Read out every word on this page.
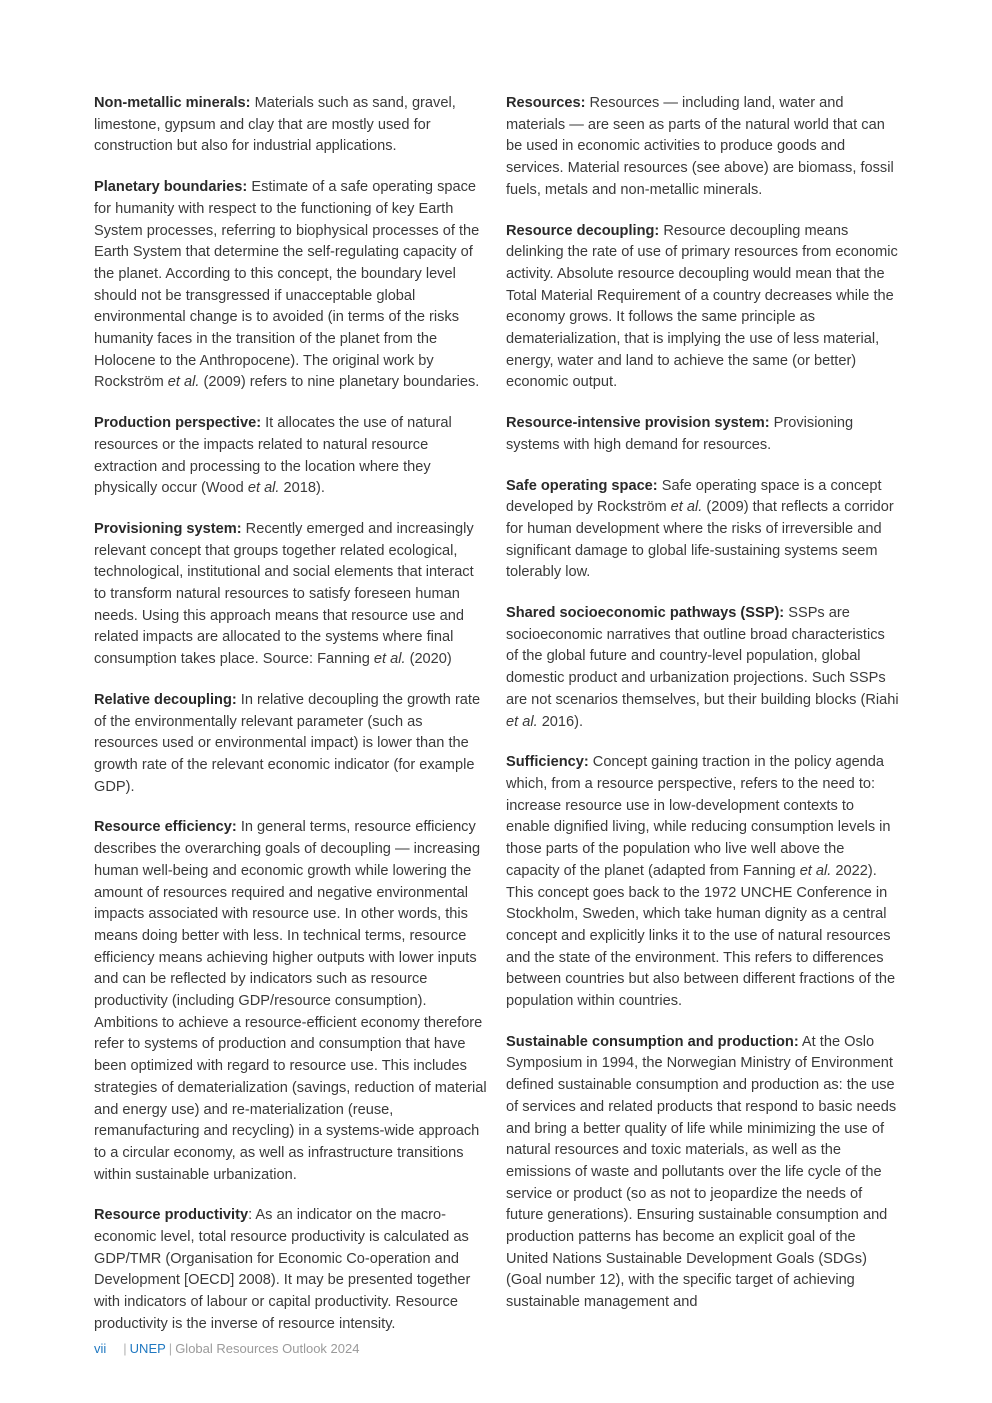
Non-metallic minerals: Materials such as sand, gravel, limestone, gypsum and clay that are mostly used for construction but also for industrial applications.

Planetary boundaries: Estimate of a safe operating space for humanity with respect to the functioning of key Earth System processes, referring to biophysical processes of the Earth System that determine the self-regulating capacity of the planet. According to this concept, the boundary level should not be transgressed if unacceptable global environmental change is to avoided (in terms of the risks humanity faces in the transition of the planet from the Holocene to the Anthropocene). The original work by Rockström et al. (2009) refers to nine planetary boundaries.

Production perspective: It allocates the use of natural resources or the impacts related to natural resource extraction and processing to the location where they physically occur (Wood et al. 2018).

Provisioning system: Recently emerged and increasingly relevant concept that groups together related ecological, technological, institutional and social elements that interact to transform natural resources to satisfy foreseen human needs. Using this approach means that resource use and related impacts are allocated to the systems where final consumption takes place. Source: Fanning et al. (2020)

Relative decoupling: In relative decoupling the growth rate of the environmentally relevant parameter (such as resources used or environmental impact) is lower than the growth rate of the relevant economic indicator (for example GDP).

Resource efficiency: In general terms, resource efficiency describes the overarching goals of decoupling — increasing human well-being and economic growth while lowering the amount of resources required and negative environmental impacts associated with resource use. In other words, this means doing better with less. In technical terms, resource efficiency means achieving higher outputs with lower inputs and can be reflected by indicators such as resource productivity (including GDP/resource consumption). Ambitions to achieve a resource-efficient economy therefore refer to systems of production and consumption that have been optimized with regard to resource use. This includes strategies of dematerialization (savings, reduction of material and energy use) and re-materialization (reuse, remanufacturing and recycling) in a systems-wide approach to a circular economy, as well as infrastructure transitions within sustainable urbanization.

Resource productivity: As an indicator on the macro-economic level, total resource productivity is calculated as GDP/TMR (Organisation for Economic Co-operation and Development [OECD] 2008). It may be presented together with indicators of labour or capital productivity. Resource productivity is the inverse of resource intensity.

Resources: Resources — including land, water and materials — are seen as parts of the natural world that can be used in economic activities to produce goods and services. Material resources (see above) are biomass, fossil fuels, metals and non-metallic minerals.

Resource decoupling: Resource decoupling means delinking the rate of use of primary resources from economic activity. Absolute resource decoupling would mean that the Total Material Requirement of a country decreases while the economy grows. It follows the same principle as dematerialization, that is implying the use of less material, energy, water and land to achieve the same (or better) economic output.

Resource-intensive provision system: Provisioning systems with high demand for resources.

Safe operating space: Safe operating space is a concept developed by Rockström et al. (2009) that reflects a corridor for human development where the risks of irreversible and significant damage to global life-sustaining systems seem tolerably low.

Shared socioeconomic pathways (SSP): SSPs are socioeconomic narratives that outline broad characteristics of the global future and country-level population, global domestic product and urbanization projections. Such SSPs are not scenarios themselves, but their building blocks (Riahi et al. 2016).

Sufficiency: Concept gaining traction in the policy agenda which, from a resource perspective, refers to the need to: increase resource use in low-development contexts to enable dignified living, while reducing consumption levels in those parts of the population who live well above the capacity of the planet (adapted from Fanning et al. 2022). This concept goes back to the 1972 UNCHE Conference in Stockholm, Sweden, which take human dignity as a central concept and explicitly links it to the use of natural resources and the state of the environment. This refers to differences between countries but also between different fractions of the population within countries.

Sustainable consumption and production: At the Oslo Symposium in 1994, the Norwegian Ministry of Environment defined sustainable consumption and production as: the use of services and related products that respond to basic needs and bring a better quality of life while minimizing the use of natural resources and toxic materials, as well as the emissions of waste and pollutants over the life cycle of the service or product (so as not to jeopardize the needs of future generations). Ensuring sustainable consumption and production patterns has become an explicit goal of the United Nations Sustainable Development Goals (SDGs) (Goal number 12), with the specific target of achieving sustainable management and

vii | UNEP | Global Resources Outlook 2024
